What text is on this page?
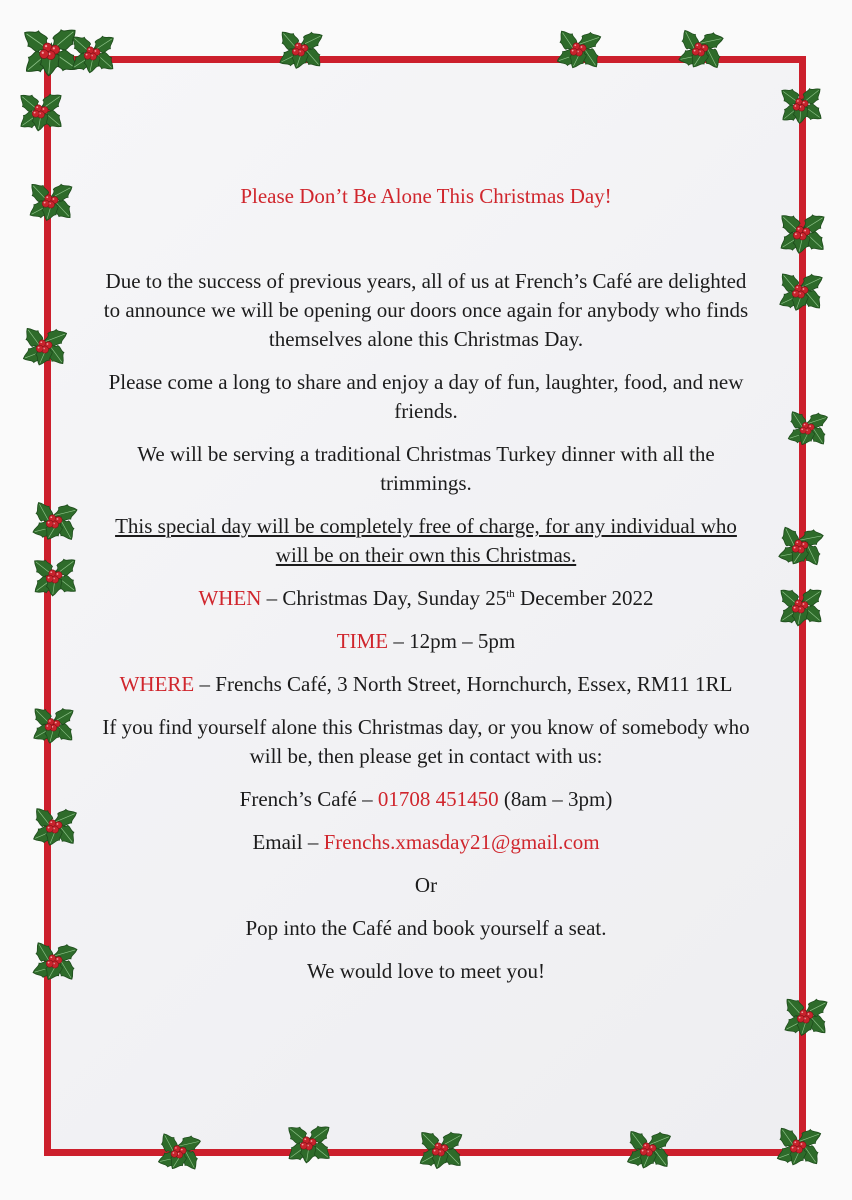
Please Don’t Be Alone This Christmas Day!

Due to the success of previous years, all of us at French’s Café are delighted to announce we will be opening our doors once again for anybody who finds themselves alone this Christmas Day.

Please come a long to share and enjoy a day of fun, laughter, food, and new friends.

We will be serving a traditional Christmas Turkey dinner with all the trimmings.

This special day will be completely free of charge, for any individual who will be on their own this Christmas.

WHEN – Christmas Day, Sunday 25th December 2022

TIME – 12pm – 5pm

WHERE – Frenchs Café, 3 North Street, Hornchurch, Essex, RM11 1RL

If you find yourself alone this Christmas day, or you know of somebody who will be, then please get in contact with us:

French’s Café – 01708 451450 (8am – 3pm)

Email – Frenchs.xmasday21@gmail.com

Or

Pop into the Café and book yourself a seat.

We would love to meet you!
